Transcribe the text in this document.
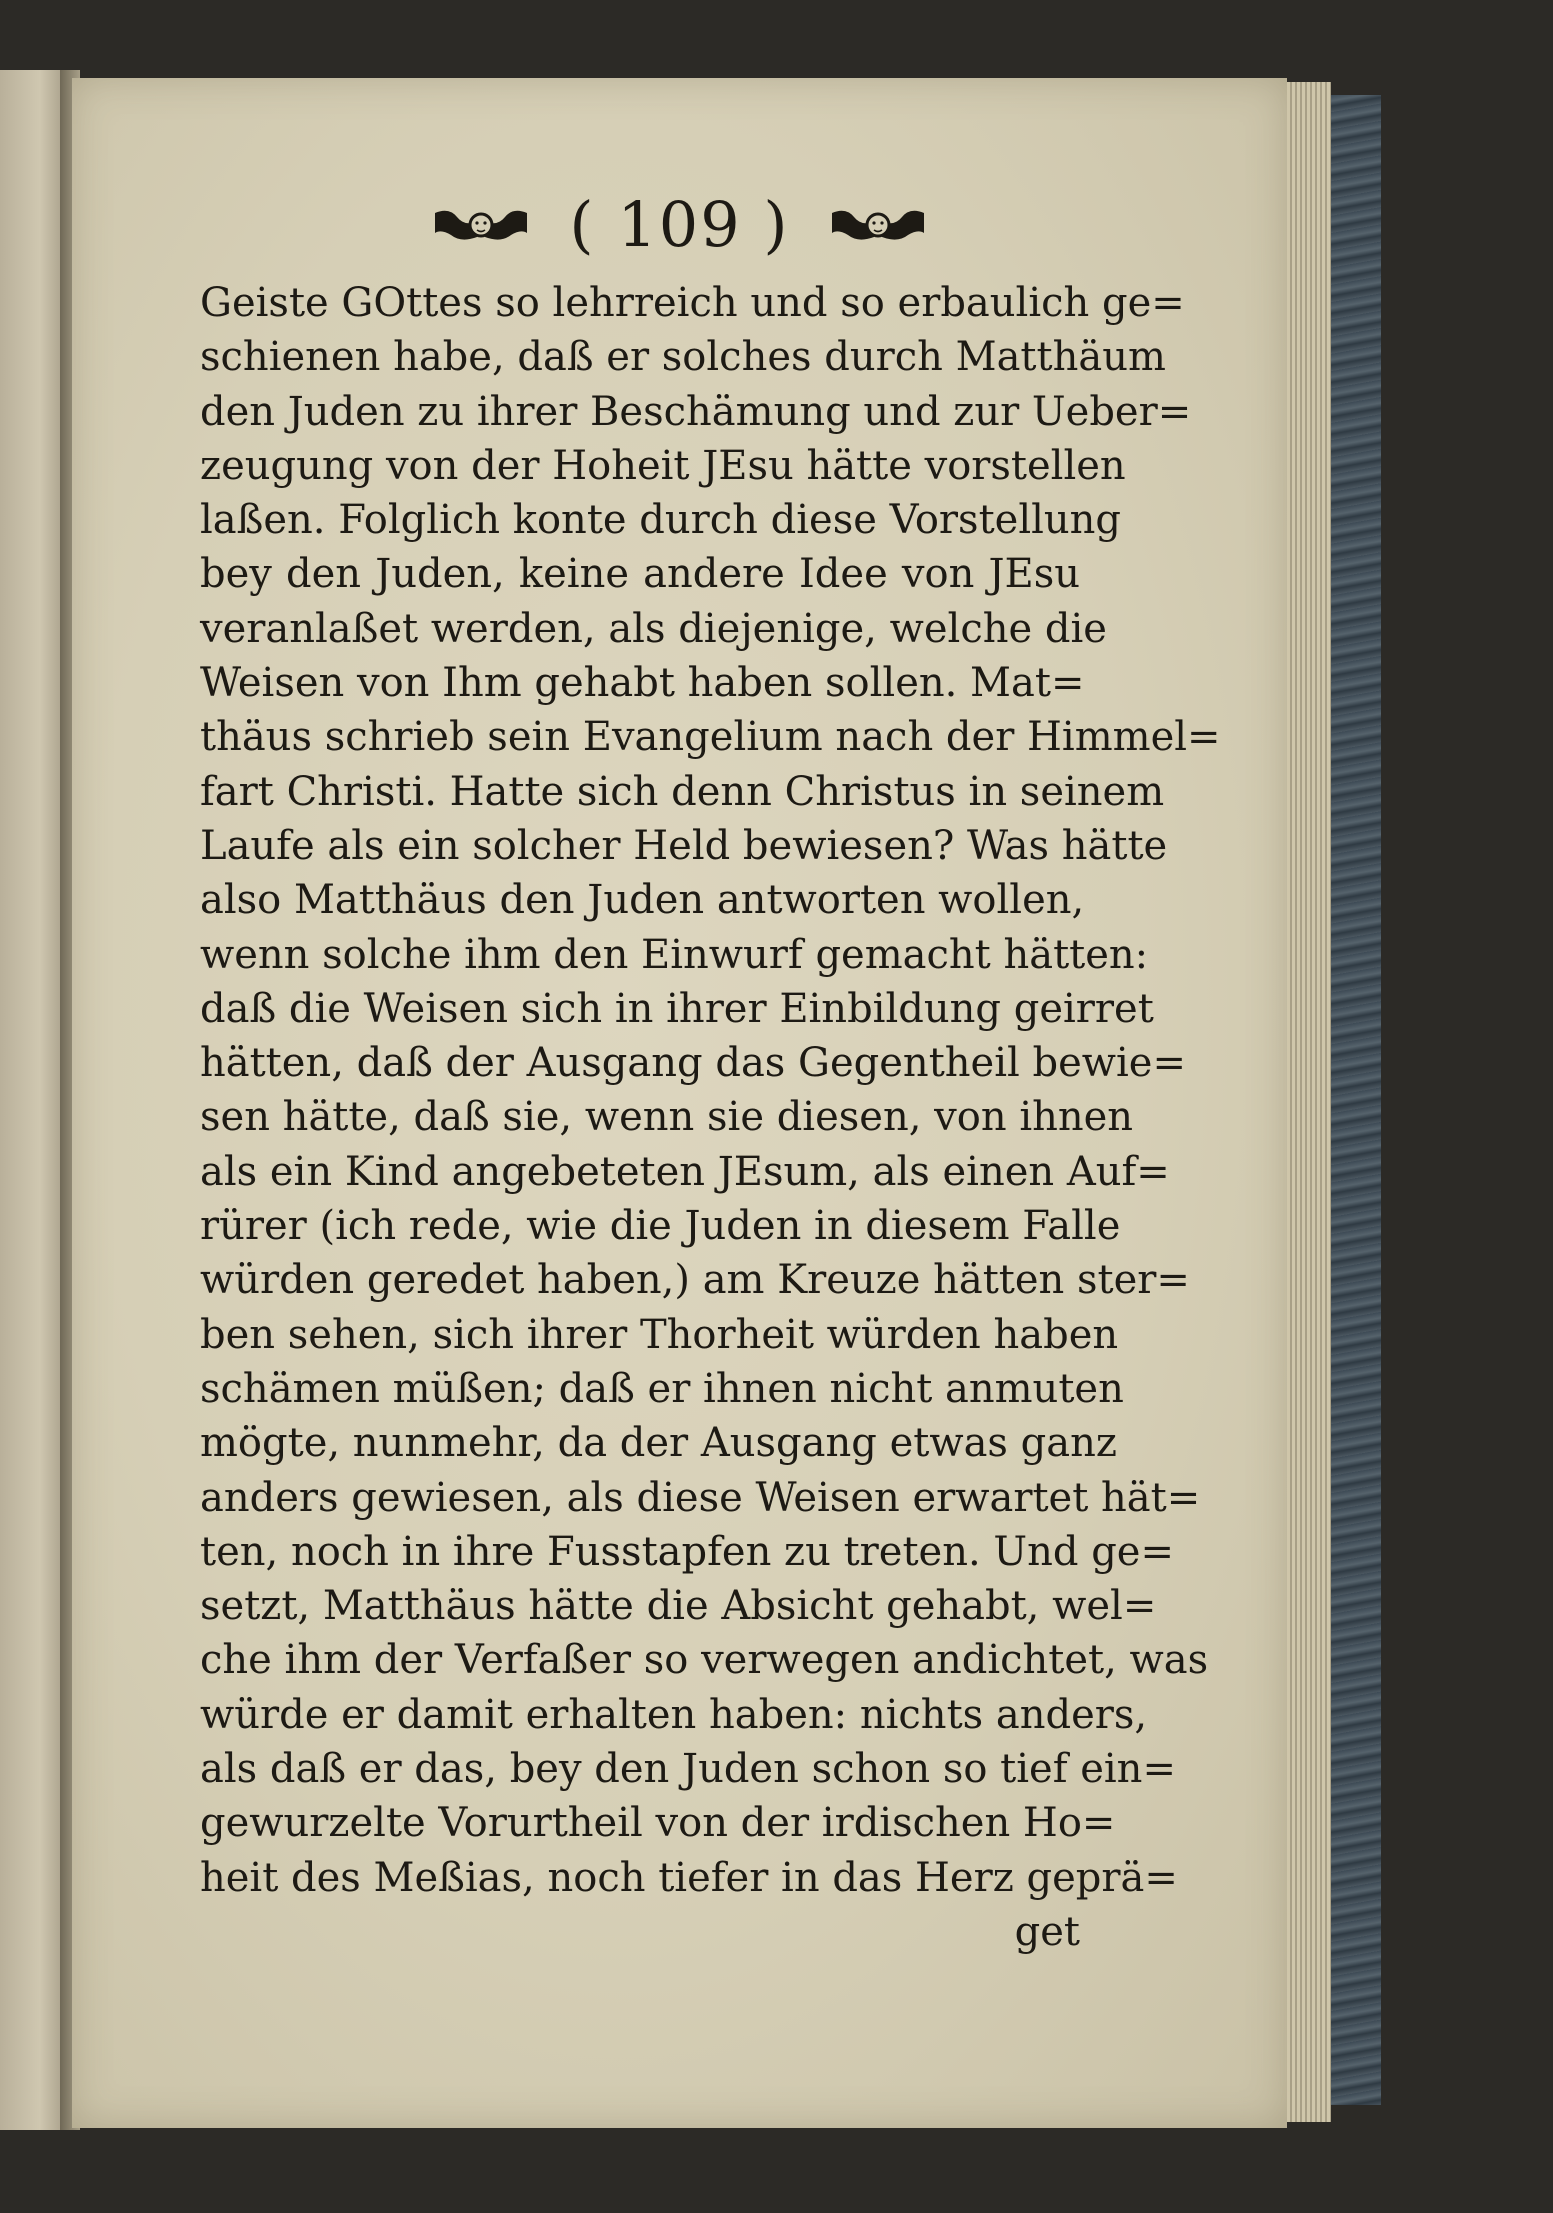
( 109 )
Geiste GOttes so lehrreich und so erbaulich ge=
schienen habe, daß er solches durch Matthäum
den Juden zu ihrer Beschämung und zur Ueber=
zeugung von der Hoheit JEsu hätte vorstellen
laßen. Folglich konte durch diese Vorstellung
bey den Juden, keine andere Idee von JEsu
veranlaßet werden, als diejenige, welche die
Weisen von Ihm gehabt haben sollen. Mat=
thäus schrieb sein Evangelium nach der Himmel=
fart Christi. Hatte sich denn Christus in seinem
Laufe als ein solcher Held bewiesen? Was hätte
also Matthäus den Juden antworten wollen,
wenn solche ihm den Einwurf gemacht hätten:
daß die Weisen sich in ihrer Einbildung geirret
hätten, daß der Ausgang das Gegentheil bewie=
sen hätte, daß sie, wenn sie diesen, von ihnen
als ein Kind angebeteten JEsum, als einen Auf=
rürer (ich rede, wie die Juden in diesem Falle
würden geredet haben,) am Kreuze hätten ster=
ben sehen, sich ihrer Thorheit würden haben
schämen müßen; daß er ihnen nicht anmuten
mögte, nunmehr, da der Ausgang etwas ganz
anders gewiesen, als diese Weisen erwartet hät=
ten, noch in ihre Fusstapfen zu treten. Und ge=
setzt, Matthäus hätte die Absicht gehabt, wel=
che ihm der Verfaßer so verwegen andichtet, was
würde er damit erhalten haben: nichts anders,
als daß er das, bey den Juden schon so tief ein=
gewurzelte Vorurtheil von der irdischen Ho=
heit des Meßias, noch tiefer in das Herz geprä=
get
